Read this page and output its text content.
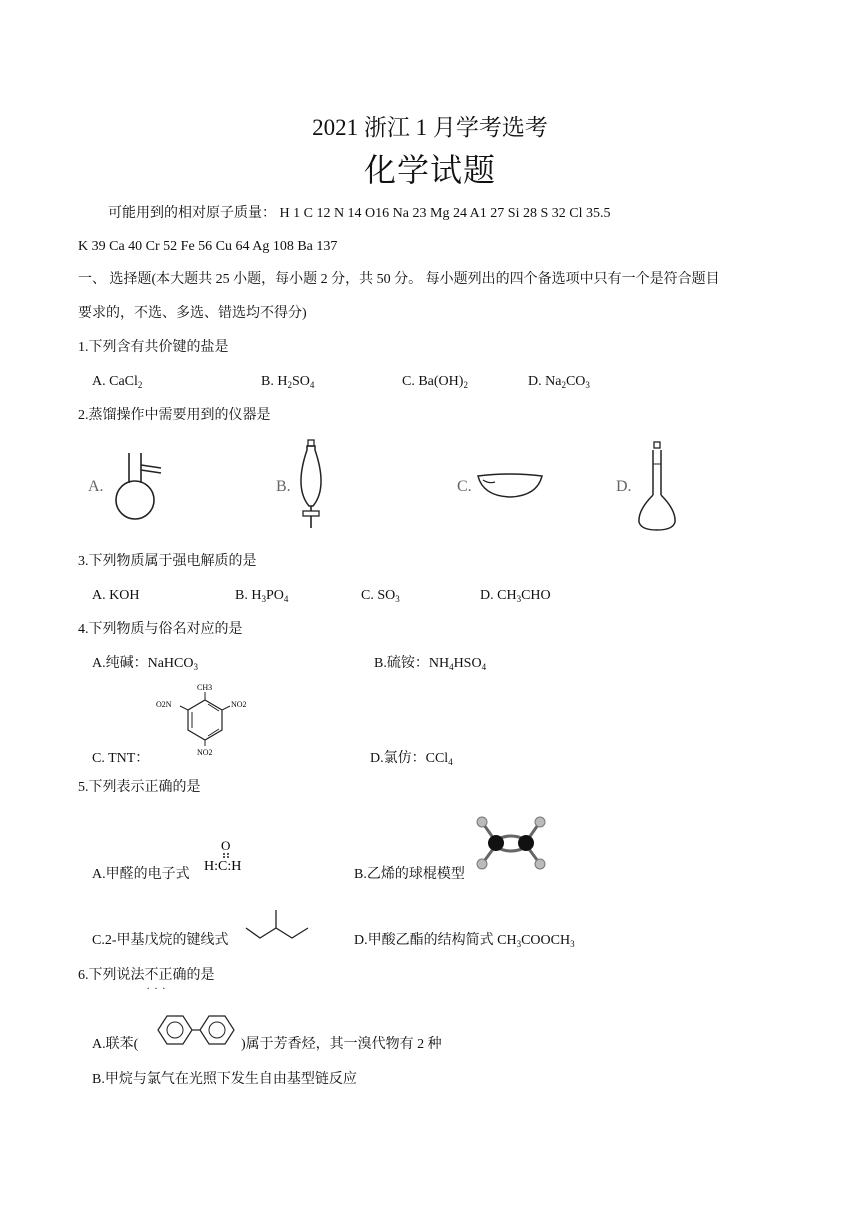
2021 浙江 1 月学考选考
化学试题
可能用到的相对原子质量： H 1 C 12 N 14 O16 Na 23 Mg 24 A1 27 Si 28 S 32 Cl 35.5
K 39 Ca 40 Cr 52 Fe 56 Cu 64 Ag 108 Ba 137
一、 选择题(本大题共 25 小题，每小题 2 分，共 50 分。 每小题列出的四个备选项中只有一个是符合题目
要求的，不选、多选、错选均不得分)
1.下列含有共价键的盐是
A. CaCl$_2$	B. $H_2SO_4$	C. $Ba(OH)_2$	D. $Na_2CO_3$
2.蒸馏操作中需要用到的仪器是
A.	B.	C.	D.
3.下列物质属于强电解质的是
A. KOH	B. $H_3PO_4$	C. $SO_3$	D. $CH_3CHO$
4.下列物质与俗名对应的是
A.纯碱：NaHCO$_3$	B.硫铵：$NH_4HSO_4$
C. TNT：
CH3
O2N	NO2
NO2	D.氯仿：CCl$_4$
5.下列表示正确的是
A.甲醛的电子式
O
H:C:H
B.乙烯的球棍模型
C.2-甲基戊烷的键线式	D.甲酸乙酯的结构简式 $CH_3COOCH_3$
6.下列说法不正确 · · ·的是
A.联苯(	)属于芳香烃，其一溴代物有 2 种
B.甲烷与氯气在光照下发生自由基型链反应
